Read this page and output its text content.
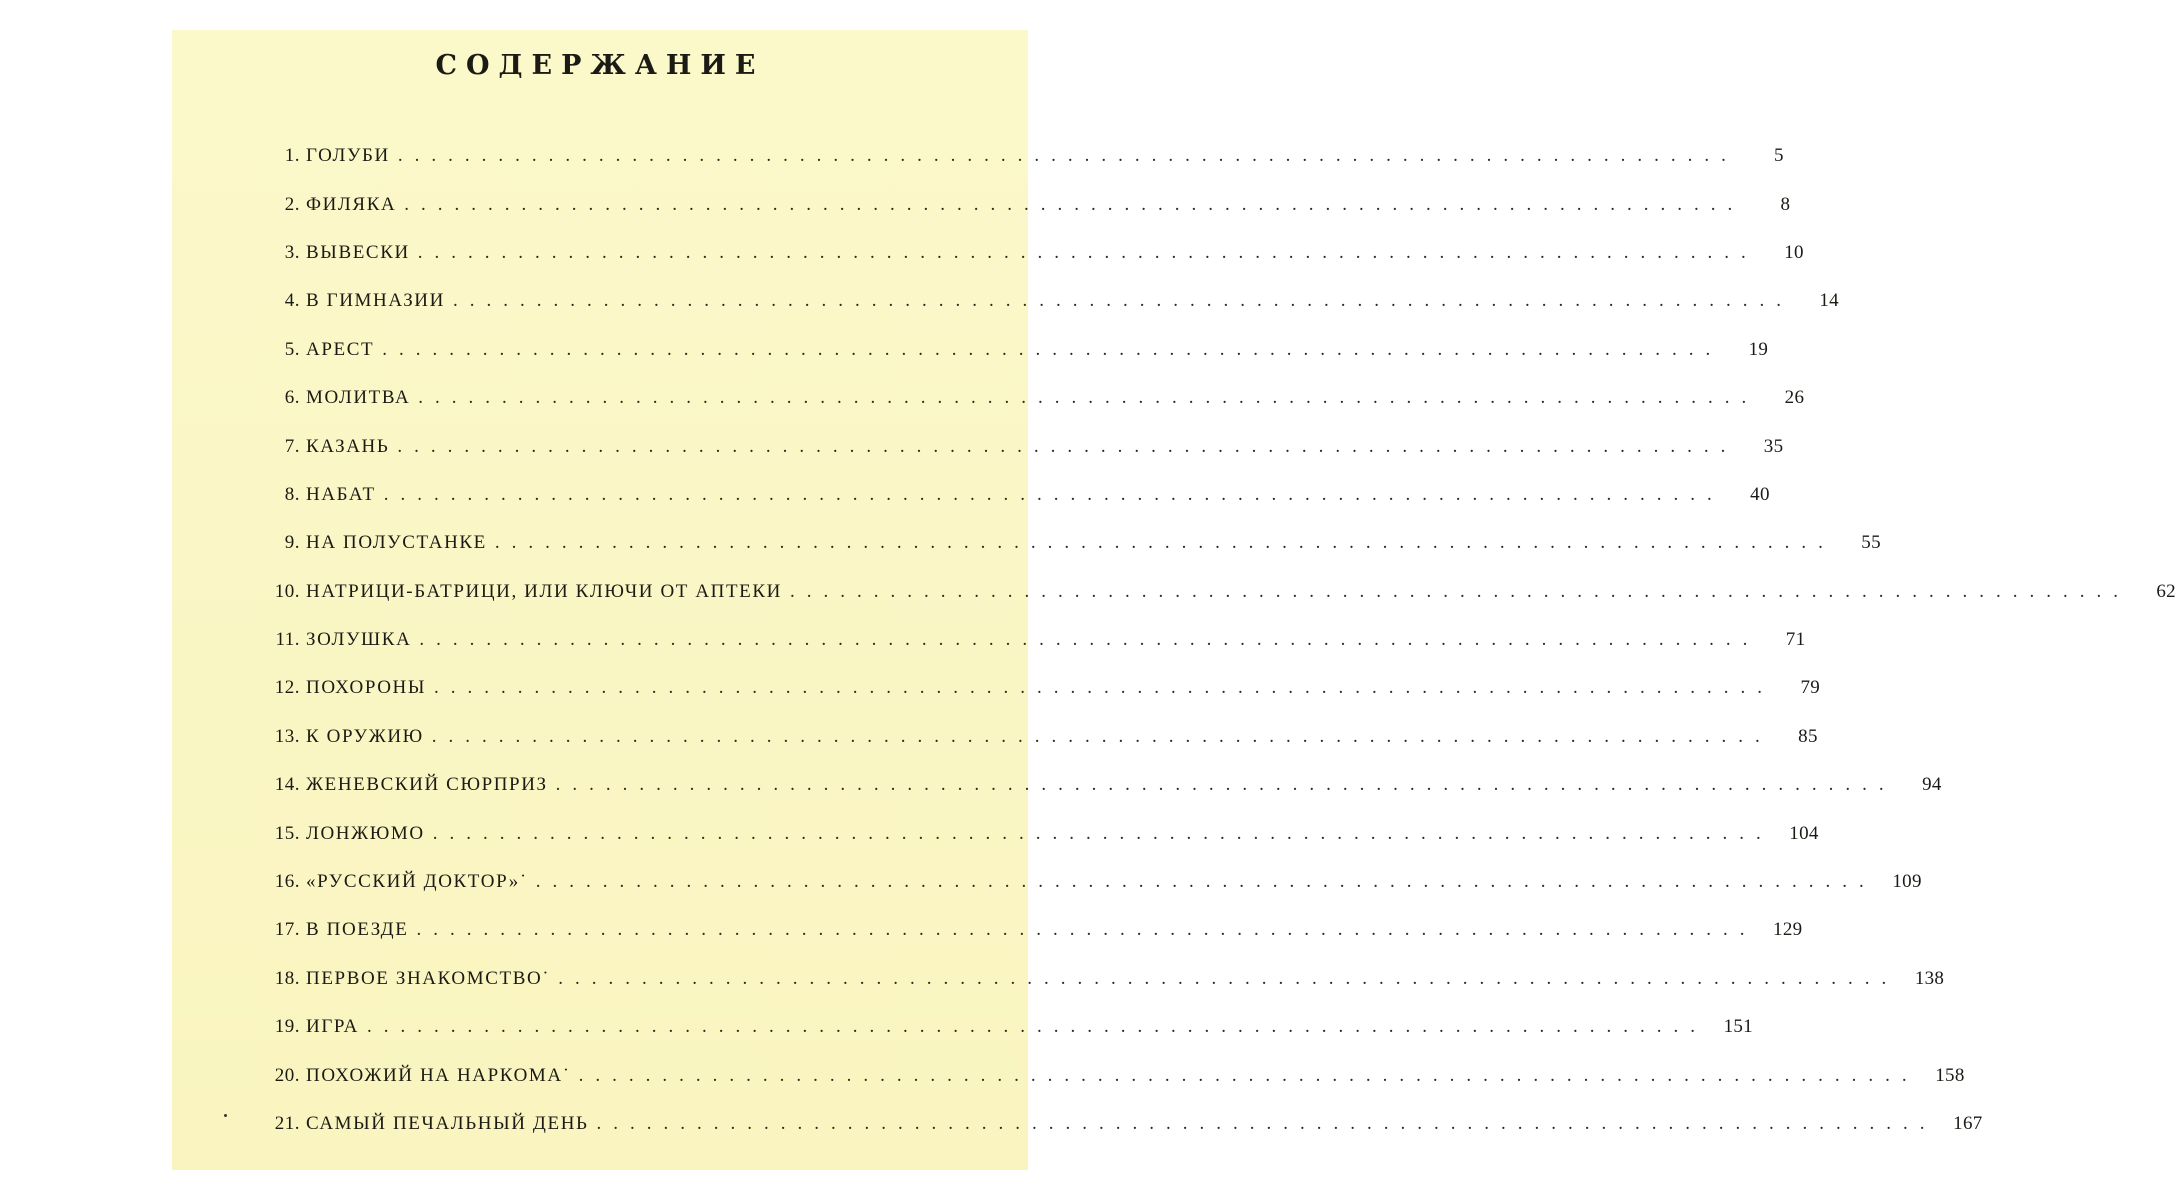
СОДЕРЖАНИЕ
1. ГОЛУБИ ................................................................................	5
2. ФИЛЯКА ................................................................................	8
3. ВЫВЕСКИ ................................................................................	10
4. В ГИМНАЗИИ ................................................................................	14
5. АРЕСТ ................................................................................	19
6. МОЛИТВА ................................................................................	26
7. КАЗАНЬ ................................................................................	35
8. НАБАТ ................................................................................	40
9. НА ПОЛУСТАНКЕ ................................................................................	55
10. НАТРИЦИ-БАТРИЦИ, ИЛИ КЛЮЧИ ОТ АПТЕКИ ................................................................................	62
11. ЗОЛУШКА ................................................................................	71
12. ПОХОРОНЫ ................................................................................	79
13. К ОРУЖИЮ ................................................................................	85
14. ЖЕНЕВСКИЙ СЮРПРИЗ ................................................................................	94
15. ЛОНЖЮМО ................................................................................ 104
16. «РУССКИЙ ДОКТОР»˙ ................................................................................ 109
17. В ПОЕЗДЕ ................................................................................ 129
18. ПЕРВОЕ ЗНАКОМСТВО˙ ................................................................................ 138
19. ИГРА ................................................................................ 151
20. ПОХОЖИЙ НА НАРКОМА˙ ................................................................................ 158
21. САМЫЙ ПЕЧАЛЬНЫЙ ДЕНЬ ................................................................................ 167
